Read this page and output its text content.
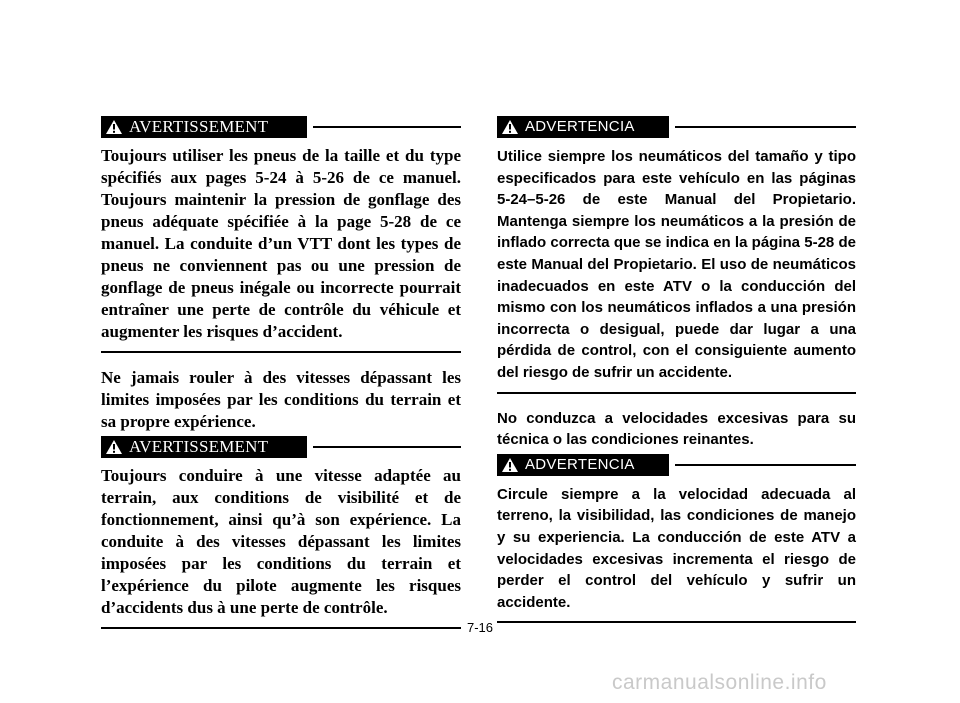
AVERTISSEMENT

Toujours utiliser les pneus de la taille et du type spécifiés aux pages 5-24 à 5-26 de ce manuel. Toujours maintenir la pression de gonflage des pneus adéquate spécifiée à la page 5-28 de ce manuel. La conduite d’un VTT dont les types de pneus ne conviennent pas ou une pression de gonflage de pneus inégale ou incorrecte pourrait entraîner une perte de contrôle du véhicule et augmenter les risques d’accident.

Ne jamais rouler à des vitesses dépassant les limites imposées par les conditions du terrain et sa propre expérience.

AVERTISSEMENT

Toujours conduire à une vitesse adaptée au terrain, aux conditions de visibilité et de fonctionnement, ainsi qu’à son expérience. La conduite à des vitesses dépassant les limites imposées par les conditions du terrain et l’expérience du pilote augmente les risques d’accidents dus à une perte de contrôle.

ADVERTENCIA

Utilice siempre los neumáticos del tamaño y tipo especificados para este vehículo en las páginas 5-24–5-26 de este Manual del Propietario. Mantenga siempre los neumáticos a la presión de inflado correcta que se indica en la página 5-28 de este Manual del Propietario. El uso de neumáticos inadecuados en este ATV o la conducción del mismo con los neumáticos inflados a una presión incorrecta o desigual, puede dar lugar a una pérdida de control, con el consiguiente aumento del riesgo de sufrir un accidente.

No conduzca a velocidades excesivas para su técnica o las condiciones reinantes.

ADVERTENCIA

Circule siempre a la velocidad adecuada al terreno, la visibilidad, las condiciones de manejo y su experiencia. La conducción de este ATV a velocidades excesivas incrementa el riesgo de perder el control del vehículo y sufrir un accidente.

7-16
carmanualsonline.info
